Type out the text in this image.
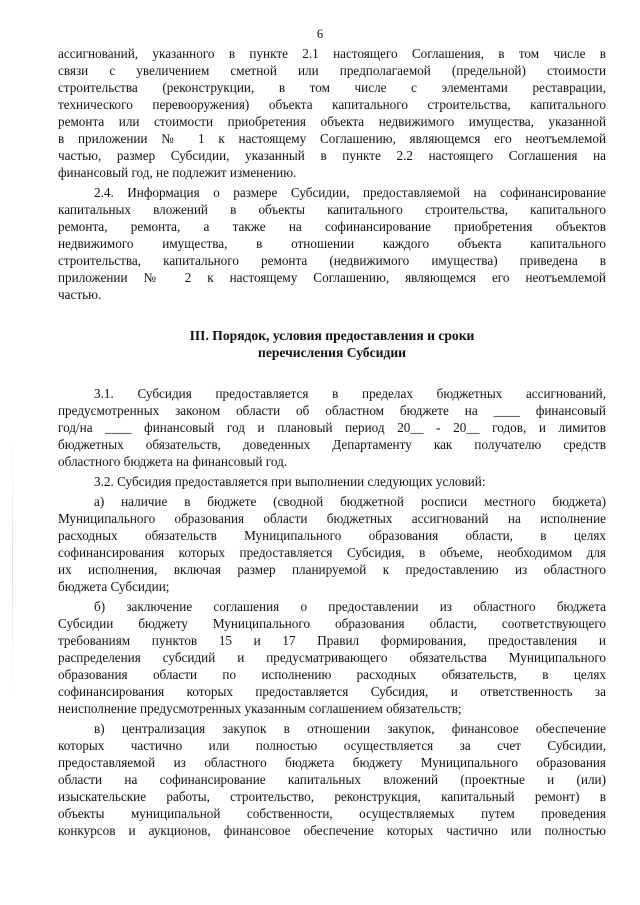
6
ассигнований, указанного в пункте 2.1 настоящего Соглашения, в том числе в
связи с увеличением сметной или предполагаемой (предельной) стоимости
строительства (реконструкции, в том числе с элементами реставрации,
технического перевооружения) объекта капитального строительства, капитального
ремонта или стоимости приобретения объекта недвижимого имущества, указанной
в приложении № 1 к настоящему Соглашению, являющемся его неотъемлемой
частью, размер Субсидии, указанный в пункте 2.2 настоящего Соглашения на
финансовый год, не подлежит изменению.
2.4. Информация о размере Субсидии, предоставляемой на софинансирование
капитальных вложений в объекты капитального строительства, капитального
ремонта, ремонта, а также на софинансирование приобретения объектов
недвижимого имущества, в отношении каждого объекта капитального
строительства, капитального ремонта (недвижимого имущества) приведена в
приложении № 2 к настоящему Соглашению, являющемся его неотъемлемой
частью.
III. Порядок, условия предоставления и сроки
перечисления Субсидии
3.1. Субсидия предоставляется в пределах бюджетных ассигнований,
предусмотренных законом области об областном бюджете на ____ финансовый
год/на ____ финансовый год и плановый период 20__ - 20__ годов, и лимитов
бюджетных обязательств, доведенных Департаменту как получателю средств
областного бюджета на финансовый год.
3.2. Субсидия предоставляется при выполнении следующих условий:
а) наличие в бюджете (сводной бюджетной росписи местного бюджета)
Муниципального образования области бюджетных ассигнований на исполнение
расходных обязательств Муниципального образования области, в целях
софинансирования которых предоставляется Субсидия, в объеме, необходимом для
их исполнения, включая размер планируемой к предоставлению из областного
бюджета Субсидии;
б) заключение соглашения о предоставлении из областного бюджета
Субсидии бюджету Муниципального образования области, соответствующего
требованиям пунктов 15 и 17 Правил формирования, предоставления и
распределения субсидий и предусматривающего обязательства Муниципального
образования области по исполнению расходных обязательств, в целях
софинансирования которых предоставляется Субсидия, и ответственность за
неисполнение предусмотренных указанным соглашением обязательств;
в) централизация закупок в отношении закупок, финансовое обеспечение
которых частично или полностью осуществляется за счет Субсидии,
предоставляемой из областного бюджета бюджету Муниципального образования
области на софинансирование капитальных вложений (проектные и (или)
изыскательские работы, строительство, реконструкция, капитальный ремонт) в
объекты муниципальной собственности, осуществляемых путем проведения
конкурсов и аукционов, финансовое обеспечение которых частично или полностью
